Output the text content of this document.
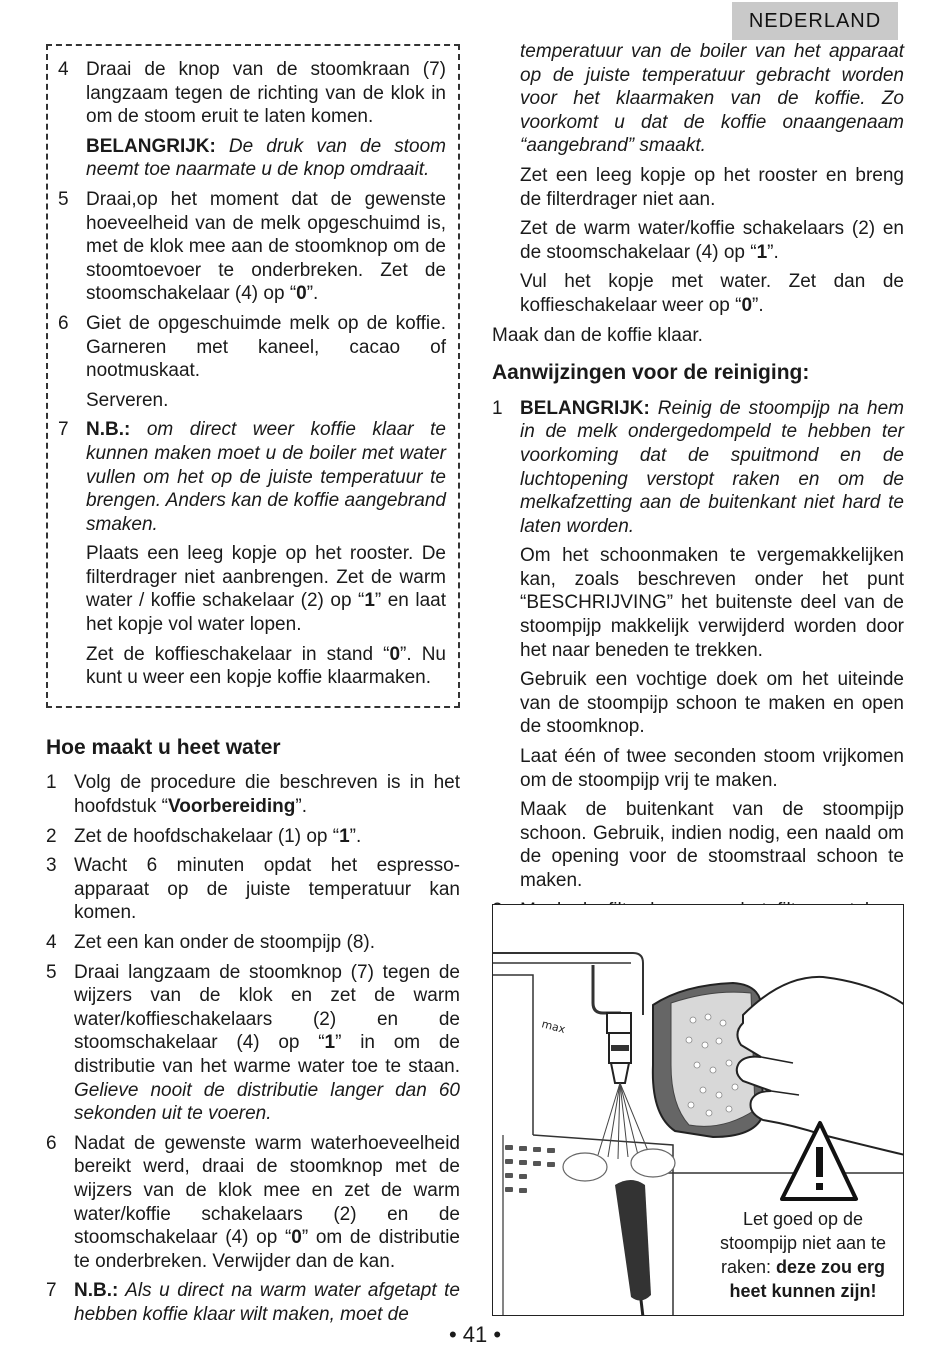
NEDERLAND
4 Draai de knop van de stoomkraan (7) langzaam tegen de richting van de klok in om de stoom eruit te laten komen.

BELANGRIJK: De druk van de stoom neemt toe naarmate u de knop omdraait.

5 Draai,op het moment dat de gewenste hoeveelheid van de melk opgeschuimd is, met de klok mee aan de stoomknop om de stoomtoevoer te onderbreken. Zet de stoomschakelaar (4) op “0”.

6 Giet de opgeschuimde melk op de koffie. Garneren met kaneel, cacao of nootmuskaat.

Serveren.

7 N.B.: om direct weer koffie klaar te kunnen maken moet u de boiler met water vullen om het op de juiste temperatuur te brengen. Anders kan de koffie aangebrand smaken.

Plaats een leeg kopje op het rooster. De filterdrager niet aanbrengen. Zet de warm water / koffie schakelaar (2) op “1” en laat het kopje vol water lopen.

Zet de koffieschakelaar in stand “0”. Nu kunt u weer een kopje koffie klaarmaken.

Hoe maakt u heet water
1 Volg de procedure die beschreven is in het hoofdstuk “Voorbereiding”.
2 Zet de hoofdschakelaar (1) op “1”.
3 Wacht 6 minuten opdat het espresso-apparaat op de juiste temperatuur kan komen.
4 Zet een kan onder de stoompijp (8).
5 Draai langzaam de stoomknop (7) tegen de wijzers van de klok en zet de warm water/koffieschakelaars (2) en de stoomschakelaar (4) op “1” in om de distributie van het warme water toe te staan. Gelieve nooit de distributie langer dan 60 sekonden uit te voeren.
6 Nadat de gewenste warm waterhoeveelheid bereikt werd, draai de stoomknop met de wijzers van de klok mee en zet de warm water/koffie schakelaars (2) en de stoomschakelaar (4) op “0” om de distributie te onderbreken. Verwijder dan de kan.
7 N.B.: Als u direct na warm water afgetapt te hebben koffie klaar wilt maken, moet de

temperatuur van de boiler van het apparaat op de juiste temperatuur gebracht worden voor het klaarmaken van de koffie. Zo voorkomt u dat de koffie onaangenaam “aangebrand” smaakt.

Zet een leeg kopje op het rooster en breng de filterdrager niet aan.

Zet de warm water/koffie schakelaars (2) en de stoomschakelaar (4) op “1”.

Vul het kopje met water. Zet dan de koffieschakelaar weer op “0”.

Maak dan de koffie klaar.

Aanwijzingen voor de reiniging:
1 BELANGRIJK: Reinig de stoompijp na hem in de melk ondergedompeld te hebben ter voorkoming dat de spuitmond en de luchtopening verstopt raken en om de melkafzetting aan de buitenkant niet hard te laten worden.

Om het schoonmaken te vergemakkelijken kan, zoals beschreven onder het punt “BESCHRIJVING” het buitenste deel van de stoompijp makkelijk verwijderd worden door het naar beneden te trekken.

Gebruik een vochtige doek om het uiteinde van de stoompijp schoon te maken en open de stoomknop.

Laat één of twee seconden stoom vrijkomen om de stoompijp vrij te maken.

Maak de buitenkant van de stoompijp schoon. Gebruik, indien nodig, een naald om de opening voor de stoomstraal schoon te maken.

max
Let goed op de stoompijp niet aan te raken: deze zou erg heet kunnen zijn!
• 41 •
